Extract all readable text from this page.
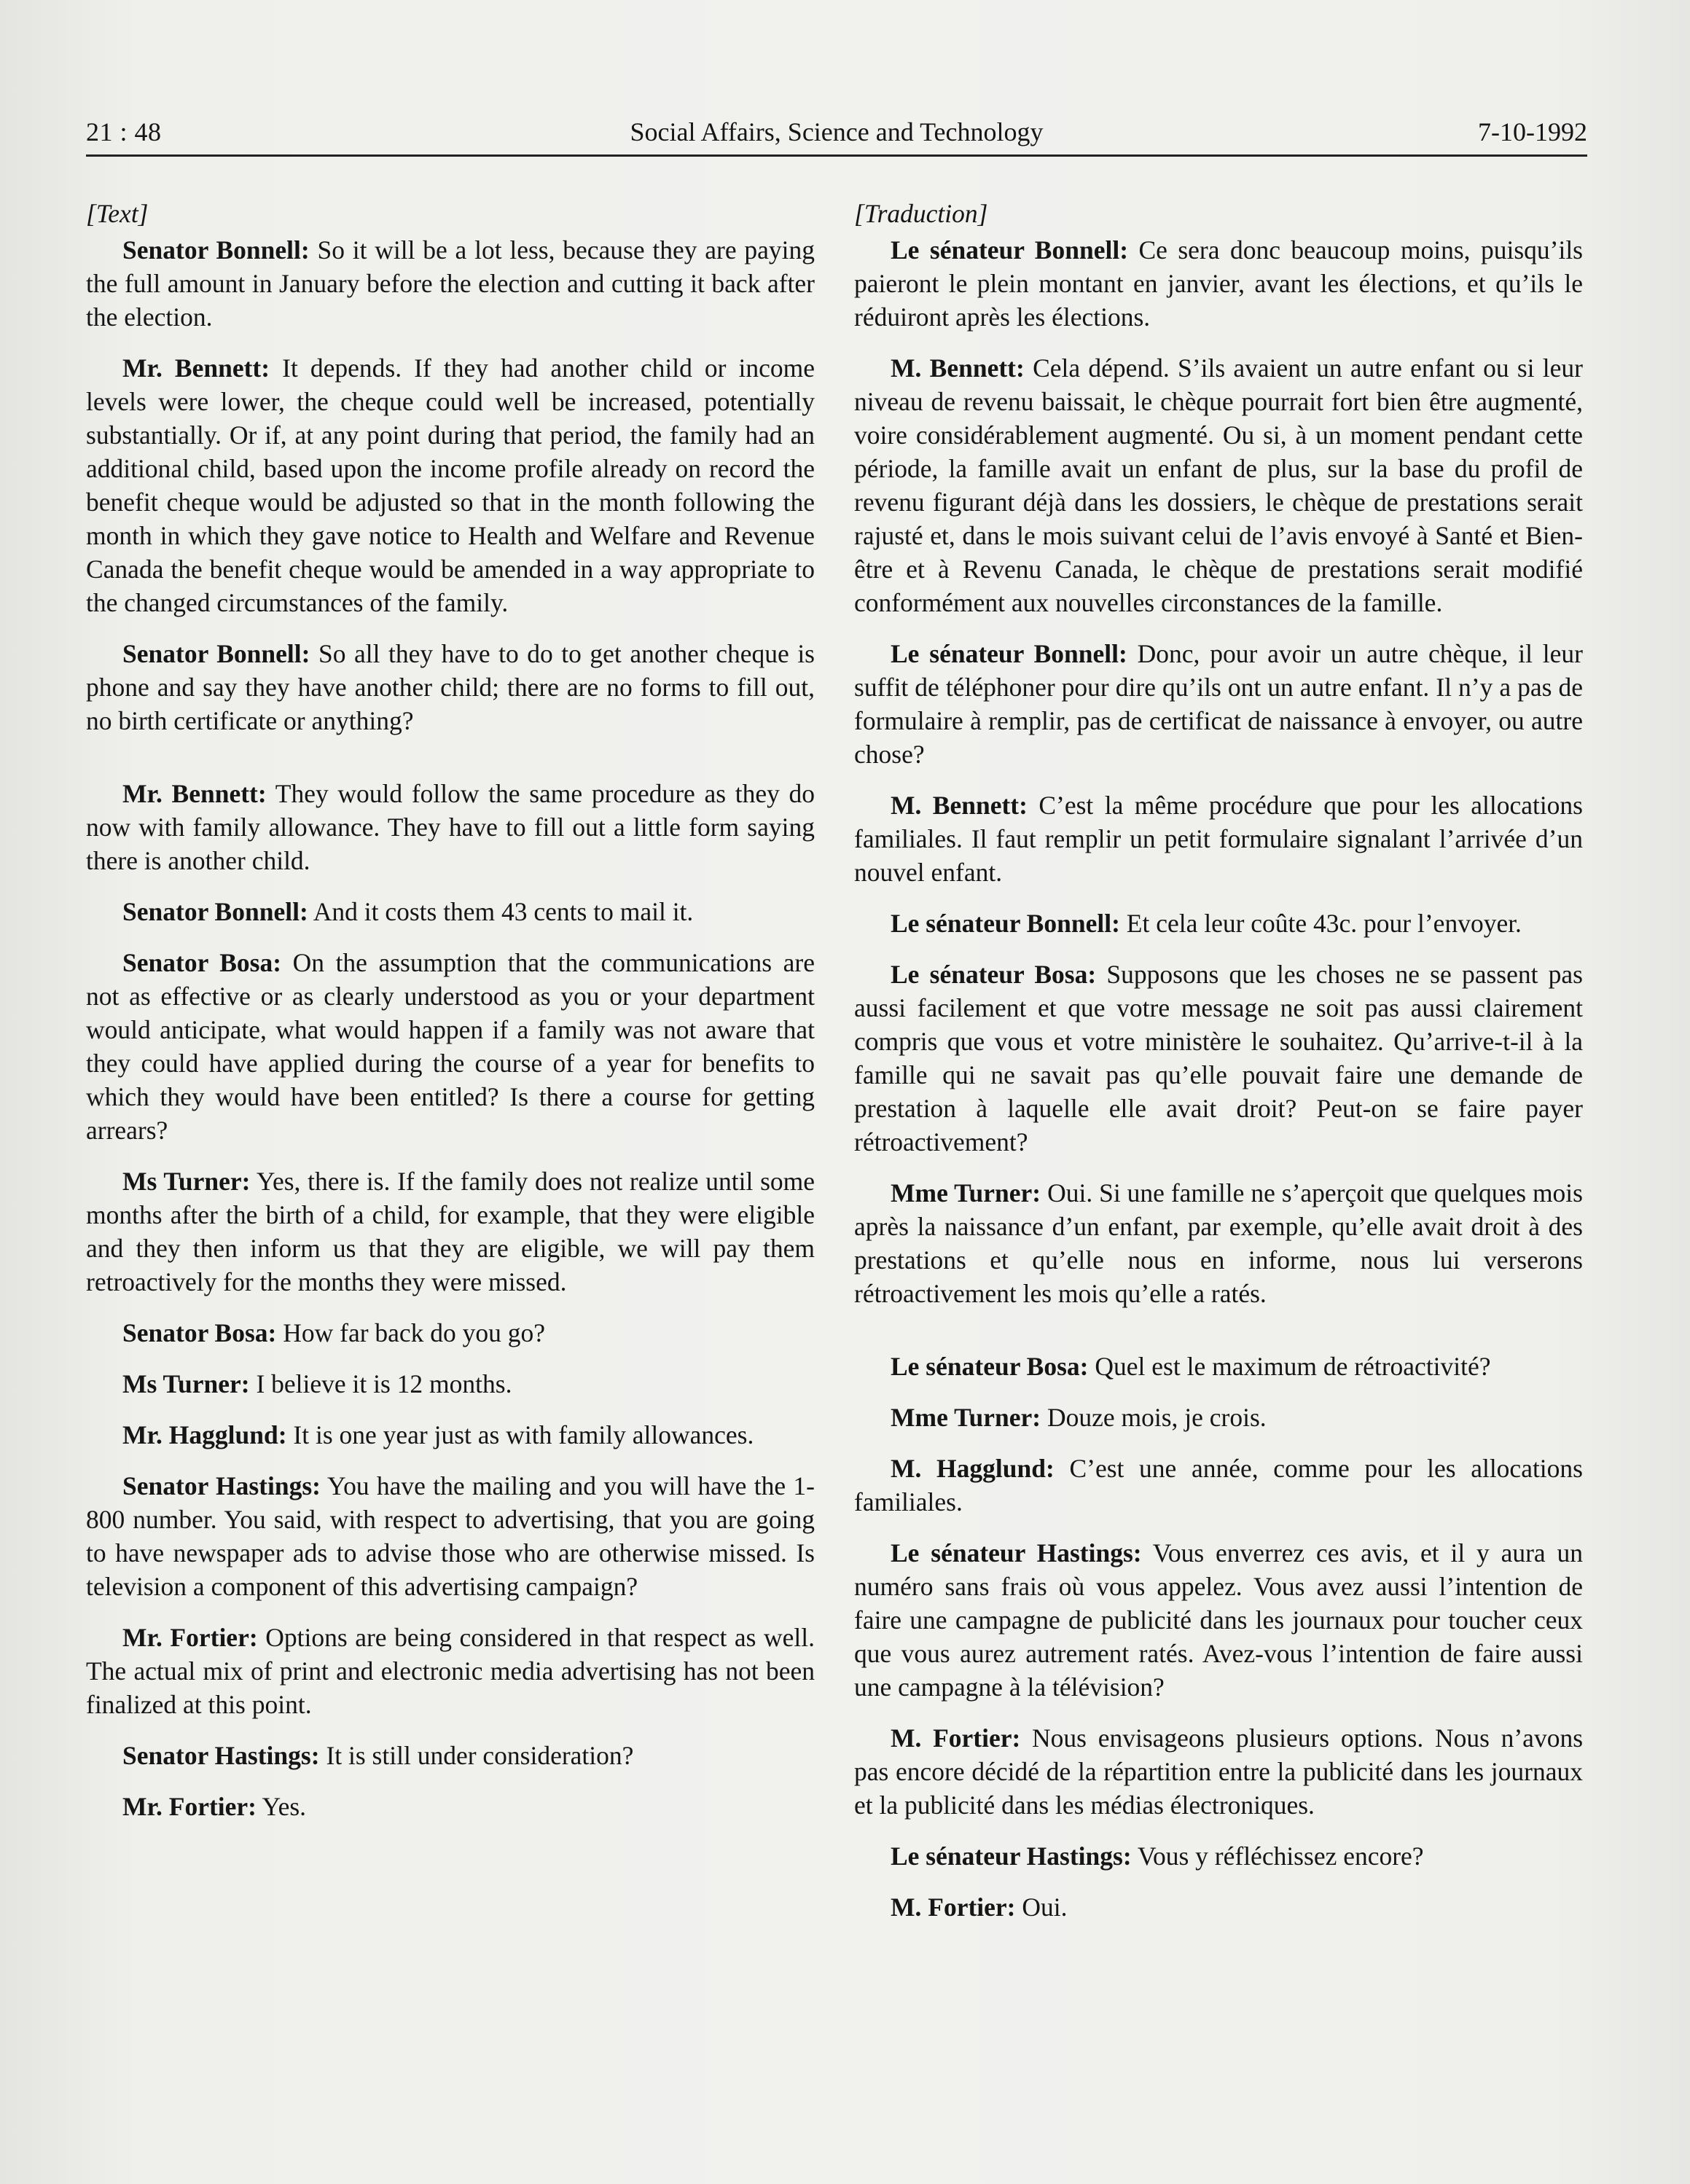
21 : 48	Social Affairs, Science and Technology	7-10-1992

[Text]

Senator Bonnell: So it will be a lot less, because they are paying the full amount in January before the election and cutting it back after the election.

Mr. Bennett: It depends. If they had another child or income levels were lower, the cheque could well be increased, potentially substantially. Or if, at any point during that period, the family had an additional child, based upon the income profile already on record the benefit cheque would be adjusted so that in the month following the month in which they gave notice to Health and Welfare and Revenue Canada the benefit cheque would be amended in a way appropriate to the changed circumstances of the family.

Senator Bonnell: So all they have to do to get another cheque is phone and say they have another child; there are no forms to fill out, no birth certificate or anything?

Mr. Bennett: They would follow the same procedure as they do now with family allowance. They have to fill out a little form saying there is another child.

Senator Bonnell: And it costs them 43 cents to mail it.

Senator Bosa: On the assumption that the communications are not as effective or as clearly understood as you or your department would anticipate, what would happen if a family was not aware that they could have applied during the course of a year for benefits to which they would have been entitled? Is there a course for getting arrears?

Ms Turner: Yes, there is. If the family does not realize until some months after the birth of a child, for example, that they were eligible and they then inform us that they are eligible, we will pay them retroactively for the months they were missed.

Senator Bosa: How far back do you go?

Ms Turner: I believe it is 12 months.

Mr. Hagglund: It is one year just as with family allowances.

Senator Hastings: You have the mailing and you will have the 1-800 number. You said, with respect to advertising, that you are going to have newspaper ads to advise those who are otherwise missed. Is television a component of this advertising campaign?

Mr. Fortier: Options are being considered in that respect as well. The actual mix of print and electronic media advertising has not been finalized at this point.

Senator Hastings: It is still under consideration?

Mr. Fortier: Yes.

[Traduction]

Le sénateur Bonnell: Ce sera donc beaucoup moins, puisqu’ils paieront le plein montant en janvier, avant les élections, et qu’ils le réduiront après les élections.

M. Bennett: Cela dépend. S’ils avaient un autre enfant ou si leur niveau de revenu baissait, le chèque pourrait fort bien être augmenté, voire considérablement augmenté. Ou si, à un moment pendant cette période, la famille avait un enfant de plus, sur la base du profil de revenu figurant déjà dans les dossiers, le chèque de prestations serait rajusté et, dans le mois suivant celui de l’avis envoyé à Santé et Bien-être et à Revenu Canada, le chèque de prestations serait modifié conformément aux nouvelles circonstances de la famille.

Le sénateur Bonnell: Donc, pour avoir un autre chèque, il leur suffit de téléphoner pour dire qu’ils ont un autre enfant. Il n’y a pas de formulaire à remplir, pas de certificat de naissance à envoyer, ou autre chose?

M. Bennett: C’est la même procédure que pour les allocations familiales. Il faut remplir un petit formulaire signalant l’arrivée d’un nouvel enfant.

Le sénateur Bonnell: Et cela leur coûte 43c. pour l’envoyer.

Le sénateur Bosa: Supposons que les choses ne se passent pas aussi facilement et que votre message ne soit pas aussi clairement compris que vous et votre ministère le souhaitez. Qu’arrive-t-il à la famille qui ne savait pas qu’elle pouvait faire une demande de prestation à laquelle elle avait droit? Peut-on se faire payer rétroactivement?

Mme Turner: Oui. Si une famille ne s’aperçoit que quelques mois après la naissance d’un enfant, par exemple, qu’elle avait droit à des prestations et qu’elle nous en informe, nous lui verserons rétroactivement les mois qu’elle a ratés.

Le sénateur Bosa: Quel est le maximum de rétroactivité?

Mme Turner: Douze mois, je crois.

M. Hagglund: C’est une année, comme pour les allocations familiales.

Le sénateur Hastings: Vous enverrez ces avis, et il y aura un numéro sans frais où vous appelez. Vous avez aussi l’intention de faire une campagne de publicité dans les journaux pour toucher ceux que vous aurez autrement ratés. Avez-vous l’intention de faire aussi une campagne à la télévision?

M. Fortier: Nous envisageons plusieurs options. Nous n’avons pas encore décidé de la répartition entre la publicité dans les journaux et la publicité dans les médias électroniques.

Le sénateur Hastings: Vous y réfléchissez encore?

M. Fortier: Oui.
